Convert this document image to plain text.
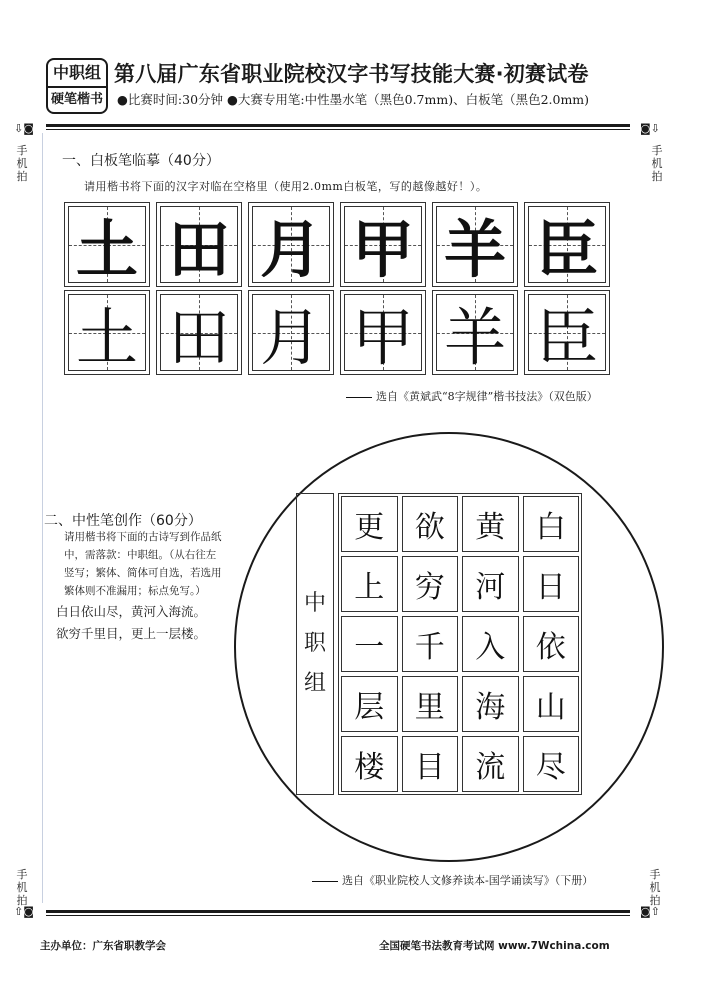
中职组
硬笔楷书
第八届广东省职业院校汉字书写技能大赛·初赛试卷
●比赛时间:30分钟 ●大赛专用笔:中性墨水笔（黑色0.7mm)、白板笔（黑色2.0mm)
⇩◙	◙⇩
手
机
拍
手
机
拍
一、白板笔临摹（40分）
请用楷书将下面的汉字对临在空格里（使用2.0mm白板笔，写的越像越好！）。
土 田 月 甲 羊 臣
土 田 月 甲 羊 臣
选自《黄斌武“8字规律”楷书技法》（双色版）
二、中性笔创作（60分）
请用楷书将下面的古诗写到作品纸中，需落款：中职组。（从右往左竖写；繁体、简体可自选，若选用繁体则不准漏用；标点免写。）
白日依山尽，黄河入海流。
欲穷千里目，更上一层楼。
中
职
组
更	欲	黄	白
上	穷	河	日
一	千	入	依
层	里	海	山
楼	目	流	尽
选自《职业院校人文修养读本-国学诵读写》（下册）
手
机
拍
手
机
拍
⇧◙	◙⇧
主办单位：广东省职教学会	全国硬笔书法教育考试网 www.7Wchina.com
